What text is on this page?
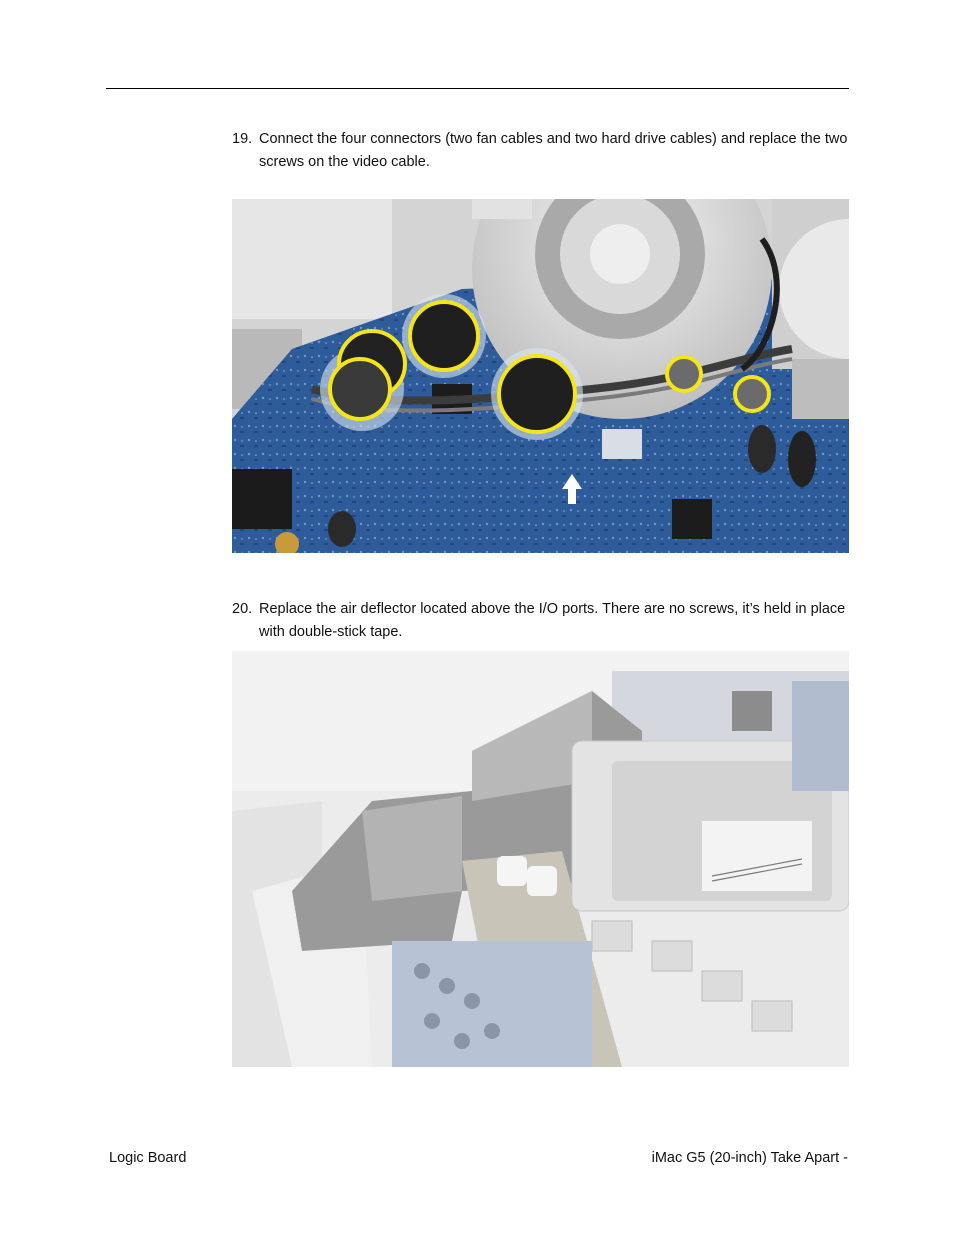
19. Connect the four connectors (two fan cables and two hard drive cables) and replace the two screws on the video cable.
20. Replace the air deflector located above the I/O ports. There are no screws, it’s held in place with double-stick tape.
Logic Board	iMac G5 (20-inch) Take Apart -
